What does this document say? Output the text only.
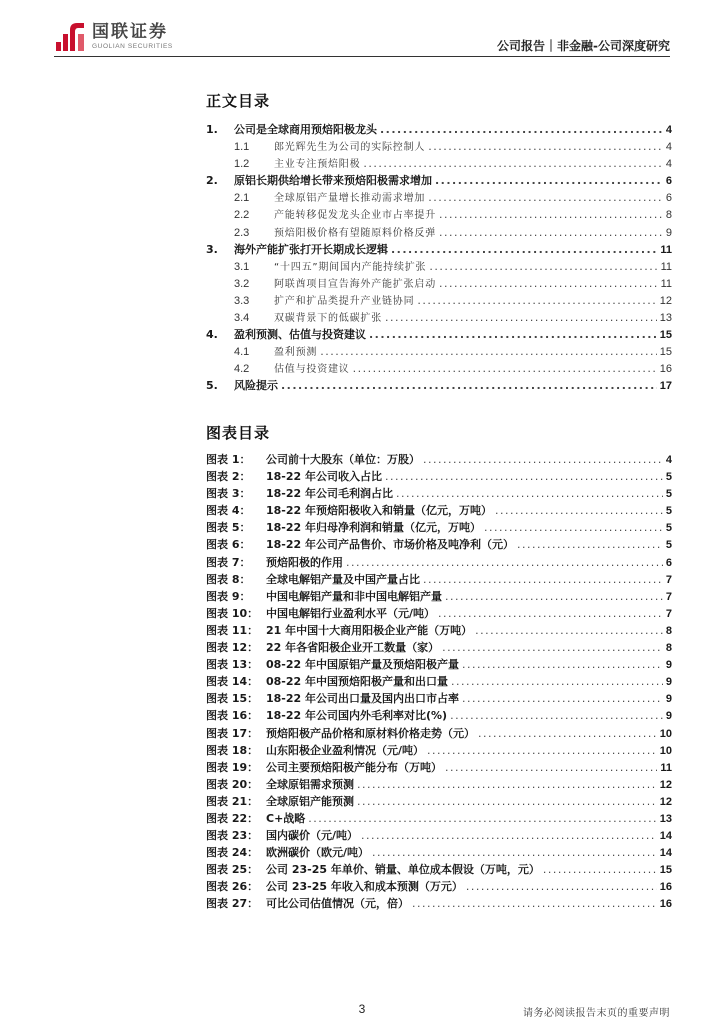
国联证券
GUOLIAN SECURITIES	公司报告｜非金融-公司深度研究
正文目录
1.	公司是全球商用预焙阳极龙头 .....	4
1.1	郎光辉先生为公司的实际控制人 .....	4
1.2	主业专注预焙阳极 .....	4
2.	原铝长期供给增长带来预焙阳极需求增加 .....	6
2.1	全球原铝产量增长推动需求增加 .....	6
2.2	产能转移促发龙头企业市占率提升 .....	8
2.3	预焙阳极价格有望随原料价格反弹 .....	9
3.	海外产能扩张打开长期成长逻辑 .....	11
3.1	“十四五”期间国内产能持续扩张 .....	11
3.2	阿联酋项目宣告海外产能扩张启动 .....	11
3.3	扩产和扩品类提升产业链协同 .....	12
3.4	双碳背景下的低碳扩张 .....	13
4.	盈利预测、估值与投资建议 .....	15
4.1	盈利预测 .....	15
4.2	估值与投资建议 .....	16
5.	风险提示 .....	17
图表目录
图表 1：	公司前十大股东（单位：万股） .....	4
图表 2：	18-22 年公司收入占比 .....	5
图表 3：	18-22 年公司毛利润占比 .....	5
图表 4：	18-22 年预焙阳极收入和销量（亿元，万吨） .....	5
图表 5：	18-22 年归母净利润和销量（亿元，万吨） .....	5
图表 6：	18-22 年公司产品售价、市场价格及吨净利（元） .....	5
图表 7：	预焙阳极的作用 .....	6
图表 8：	全球电解铝产量及中国产量占比 .....	7
图表 9：	中国电解铝产量和非中国电解铝产量 .....	7
图表 10： 中国电解铝行业盈利水平（元/吨） .....	7
图表 11： 21 年中国十大商用阳极企业产能（万吨） .....	8
图表 12： 22 年各省阳极企业开工数量（家） .....	8
图表 13： 08-22 年中国原铝产量及预焙阳极产量 .....	9
图表 14： 08-22 年中国预焙阳极产量和出口量 .....	9
图表 15： 18-22 年公司出口量及国内出口市占率 .....	9
图表 16： 18-22 年公司国内外毛利率对比(%) .....	9
图表 17： 预焙阳极产品价格和原材料价格走势（元） .....	10
图表 18： 山东阳极企业盈利情况（元/吨） .....	10
图表 19： 公司主要预焙阳极产能分布（万吨） .....	11
图表 20： 全球原铝需求预测 .....	12
图表 21： 全球原铝产能预测 .....	12
图表 22： C+战略 .....	13
图表 23： 国内碳价（元/吨） .....	14
图表 24： 欧洲碳价（欧元/吨） .....	14
图表 25： 公司 23-25 年单价、销量、单位成本假设（万吨，元） .....	15
图表 26： 公司 23-25 年收入和成本预测（万元） .....	16
图表 27： 可比公司估值情况（元，倍） .....	16
3	请务必阅读报告末页的重要声明
